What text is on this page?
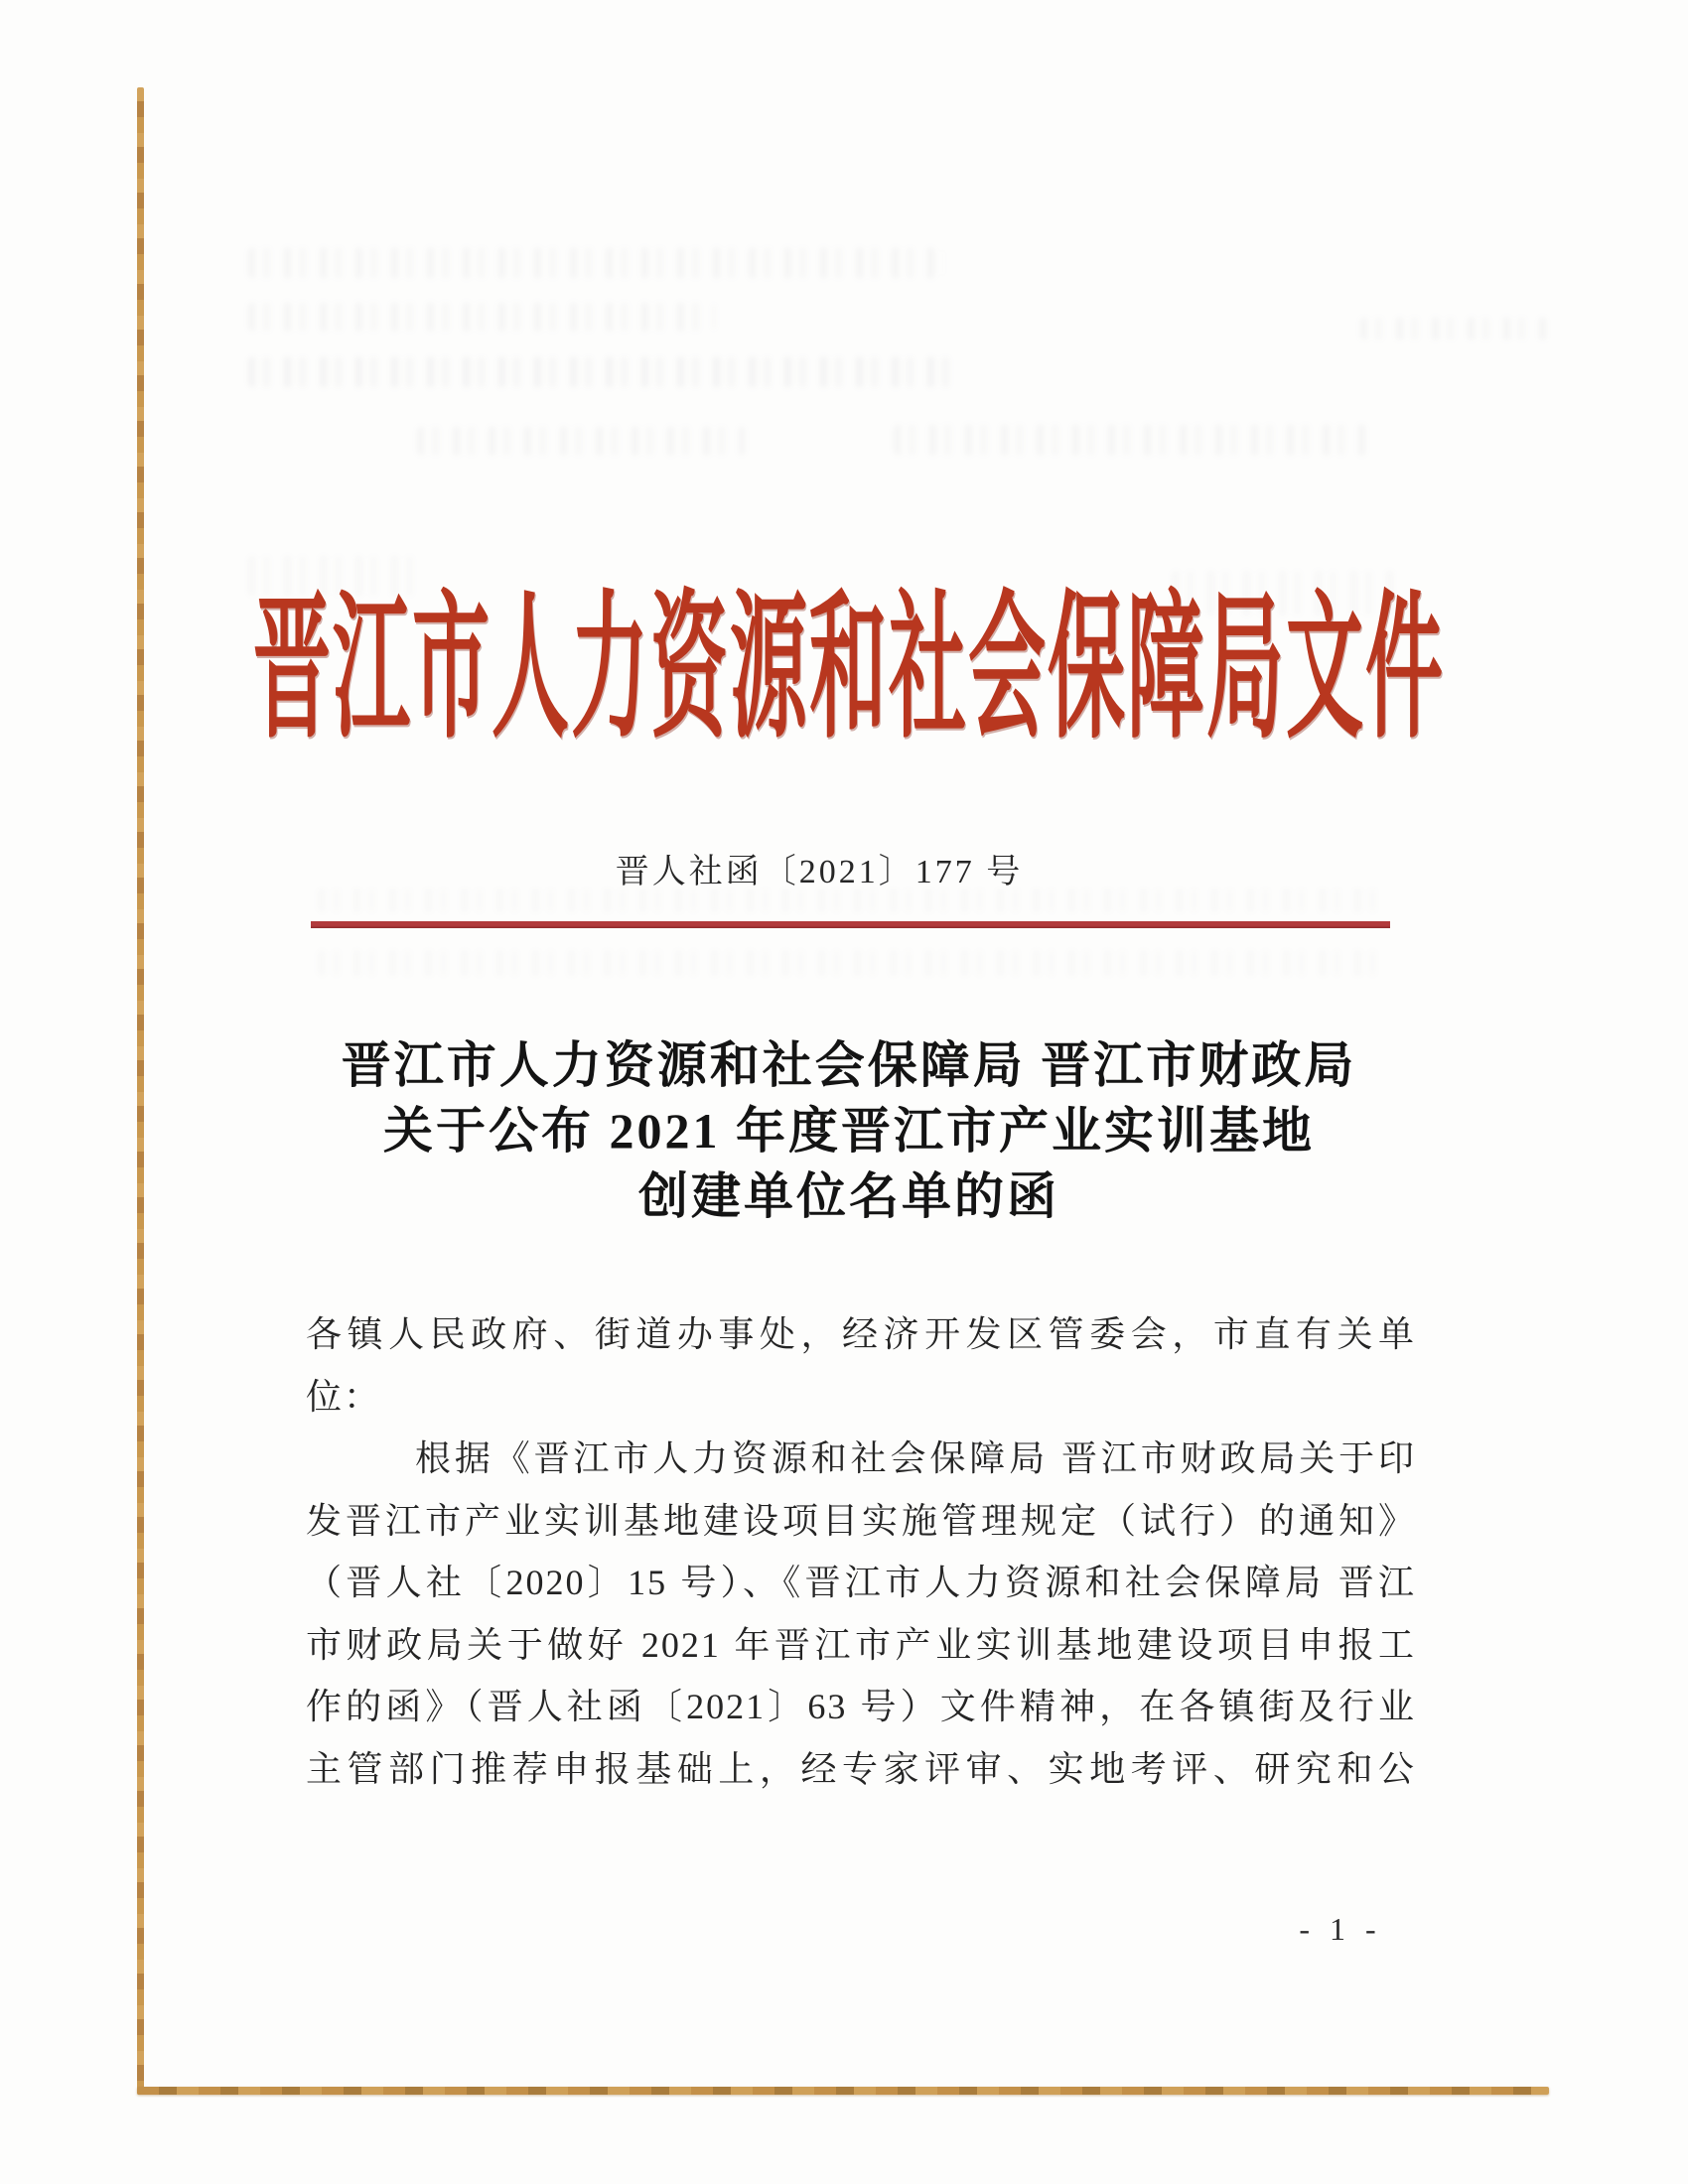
晋江市人力资源和社会保障局文件
晋人社函〔2021〕177 号
晋江市人力资源和社会保障局 晋江市财政局
关于公布 2021 年度晋江市产业实训基地
创建单位名单的函
各镇人民政府、街道办事处，经济开发区管委会，市直有关单
位：
根据《晋江市人力资源和社会保障局 晋江市财政局关于印
发晋江市产业实训基地建设项目实施管理规定（试行）的通知》
（晋人社〔2020〕15 号）、《晋江市人力资源和社会保障局 晋江
市财政局关于做好 2021 年晋江市产业实训基地建设项目申报工
作的函》（晋人社函〔2021〕63 号）文件精神，在各镇街及行业
主管部门推荐申报基础上，经专家评审、实地考评、研究和公
- 1 -
